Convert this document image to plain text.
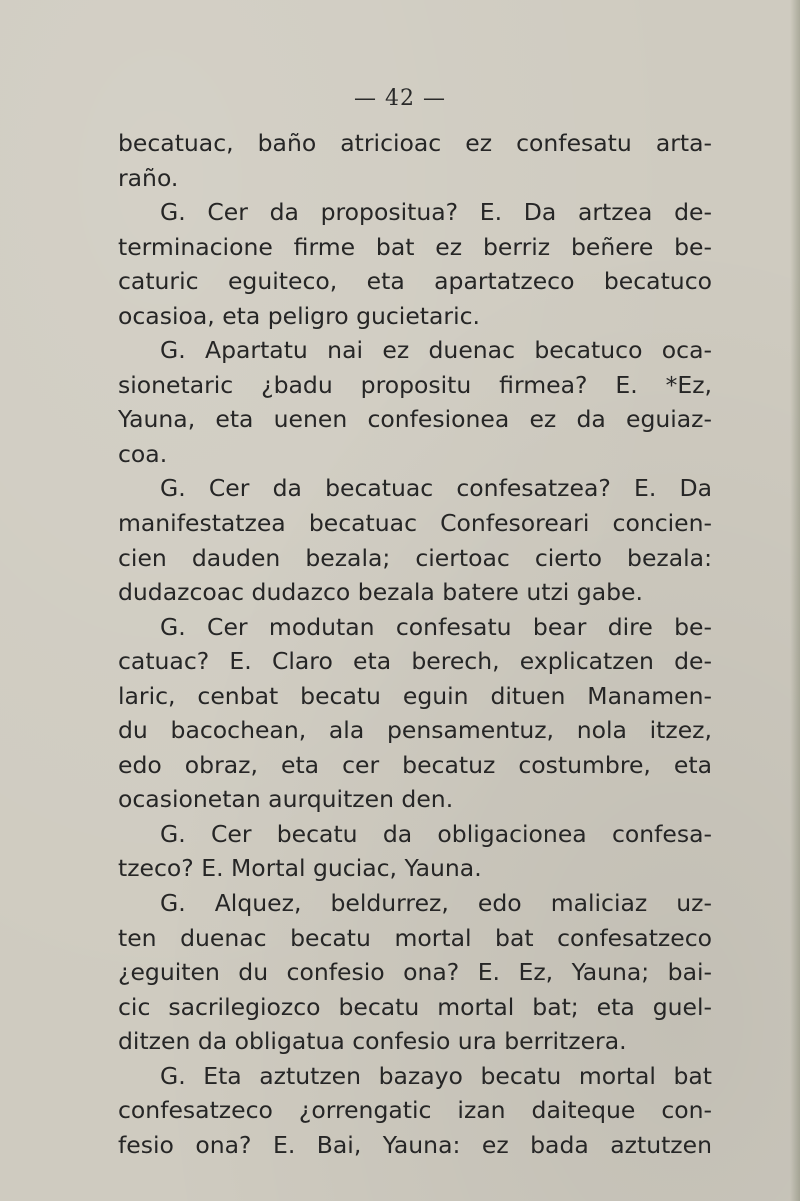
— 42 —
becatuac, baño atricioac ez confesatu arta-
raño.
G. Cer da propositua? E. Da artzea de-
terminacione firme bat ez berriz beñere be-
caturic eguiteco, eta apartatzeco becatuco
ocasioa, eta peligro gucietaric.
G. Apartatu nai ez duenac becatuco oca-
sionetaric ¿badu propositu firmea? E. *Ez,
Yauna, eta uenen confesionea ez da eguiaz-
coa.
G. Cer da becatuac confesatzea? E. Da
manifestatzea becatuac Confesoreari concien-
cien dauden bezala; ciertoac cierto bezala:
dudazcoac dudazco bezala batere utzi gabe.
G. Cer modutan confesatu bear dire be-
catuac? E. Claro eta berech, explicatzen de-
laric, cenbat becatu eguin dituen Manamen-
du bacochean, ala pensamentuz, nola itzez,
edo obraz, eta cer becatuz costumbre, eta
ocasionetan aurquitzen den.
G. Cer becatu da obligacionea confesa-
tzeco? E. Mortal guciac, Yauna.
G. Alquez, beldurrez, edo maliciaz uz-
ten duenac becatu mortal bat confesatzeco
¿eguiten du confesio ona? E. Ez, Yauna; bai-
cic sacrilegiozco becatu mortal bat; eta guel-
ditzen da obligatua confesio ura berritzera.
G. Eta aztutzen bazayo becatu mortal bat
confesatzeco ¿orrengatic izan daiteque con-
fesio ona? E. Bai, Yauna: ez bada aztutzen
